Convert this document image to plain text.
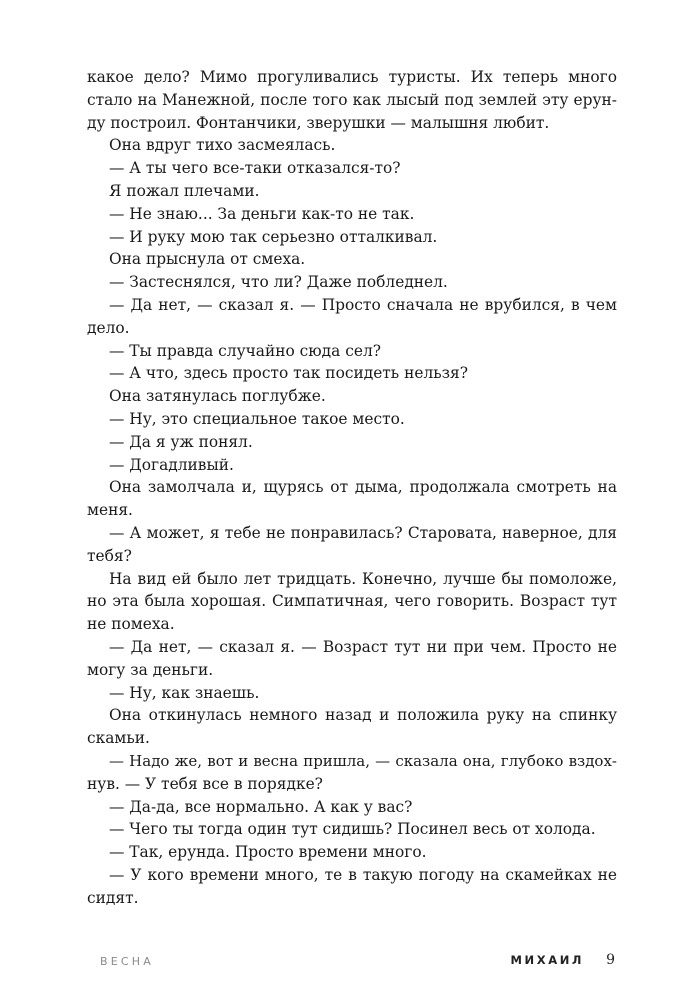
какое дело? Мимо прогуливались туристы. Их теперь много
стало на Манежной, после того как лысый под землей эту ерун-
ду построил. Фонтанчики, зверушки — малышня любит.
Она вдруг тихо засмеялась.
— А ты чего все-таки отказался-то?
Я пожал плечами.
— Не знаю... За деньги как-то не так.
— И руку мою так серьезно отталкивал.
Она прыснула от смеха.
— Застеснялся, что ли? Даже побледнел.
— Да нет, — сказал я. — Просто сначала не врубился, в чем
дело.
— Ты правда случайно сюда сел?
— А что, здесь просто так посидеть нельзя?
Она затянулась поглубже.
— Ну, это специальное такое место.
— Да я уж понял.
— Догадливый.
Она замолчала и, щурясь от дыма, продолжала смотреть на
меня.
— А может, я тебе не понравилась? Старовата, наверное, для
тебя?
На вид ей было лет тридцать. Конечно, лучше бы помоложе,
но эта была хорошая. Симпатичная, чего говорить. Возраст тут
не помеха.
— Да нет, — сказал я. — Возраст тут ни при чем. Просто не
могу за деньги.
— Ну, как знаешь.
Она откинулась немного назад и положила руку на спинку
скамьи.
— Надо же, вот и весна пришла, — сказала она, глубоко вздох-
нув. — У тебя все в порядке?
— Да-да, все нормально. А как у вас?
— Чего ты тогда один тут сидишь? Посинел весь от холода.
— Так, ерунда. Просто времени много.
— У кого времени много, те в такую погоду на скамейках не
сидят.
ВЕСНА	МИХАИЛ 9
